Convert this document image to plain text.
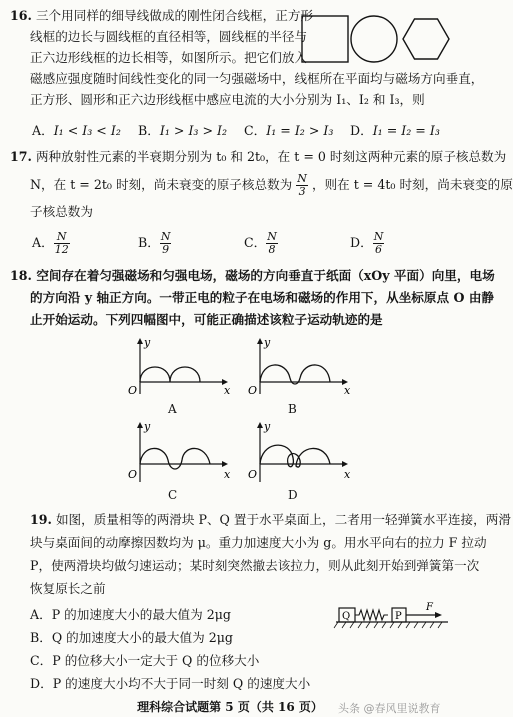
16. 三个用同样的细导线做成的刚性闭合线框，正方形
线框的边长与圆线框的直径相等，圆线框的半径与
正六边形线框的边长相等，如图所示。把它们放入
磁感应强度随时间线性变化的同一匀强磁场中，线框所在平面均与磁场方向垂直，
正方形、圆形和正六边形线框中感应电流的大小分别为 I₁、I₂ 和 I₃，则
A．I₁ < I₃ < I₂ B．I₁ > I₃ > I₂ C．I₁ = I₂ > I₃ D．I₁ = I₂ = I₃
17. 两种放射性元素的半衰期分别为 t₀ 和 2t₀，在 t = 0 时刻这两种元素的原子核总数为
N，在 t = 2t₀ 时刻，尚未衰变的原子核总数为 $\frac{N}{3}$ ，则在 t = 4t₀ 时刻，尚未衰变的原
子核总数为
A． $\frac{N}{12}$	B． $\frac{N}{9}$	C． $\frac{N}{8}$	D． $\frac{N}{6}$
18. 空间存在着匀强磁场和匀强电场，磁场的方向垂直于纸面（xOy 平面）向里，电场
的方向沿 y 轴正方向。一带正电的粒子在电场和磁场的作用下，从坐标原点 O 由静
止开始运动。下列四幅图中，可能正确描述该粒子运动轨迹的是
y
x
O
A
y
x
O
B
y
x
O
C
y
x
O
D
19. 如图，质量相等的两滑块 P、Q 置于水平桌面上，二者用一轻弹簧水平连接，两滑
块与桌面间的动摩擦因数均为 μ。重力加速度大小为 g。用水平向右的拉力 F 拉动
P，使两滑块均做匀速运动；某时刻突然撤去该拉力，则从此刻开始到弹簧第一次
恢复原长之前
A．P 的加速度大小的最大值为 2μg
B．Q 的加速度大小的最大值为 2μg
C．P 的位移大小一定大于 Q 的位移大小
D．P 的速度大小均不大于同一时刻 Q 的速度大小
Q	P
F
理科综合试题第 5 页（共 16 页）	头条 @春风里说教育
